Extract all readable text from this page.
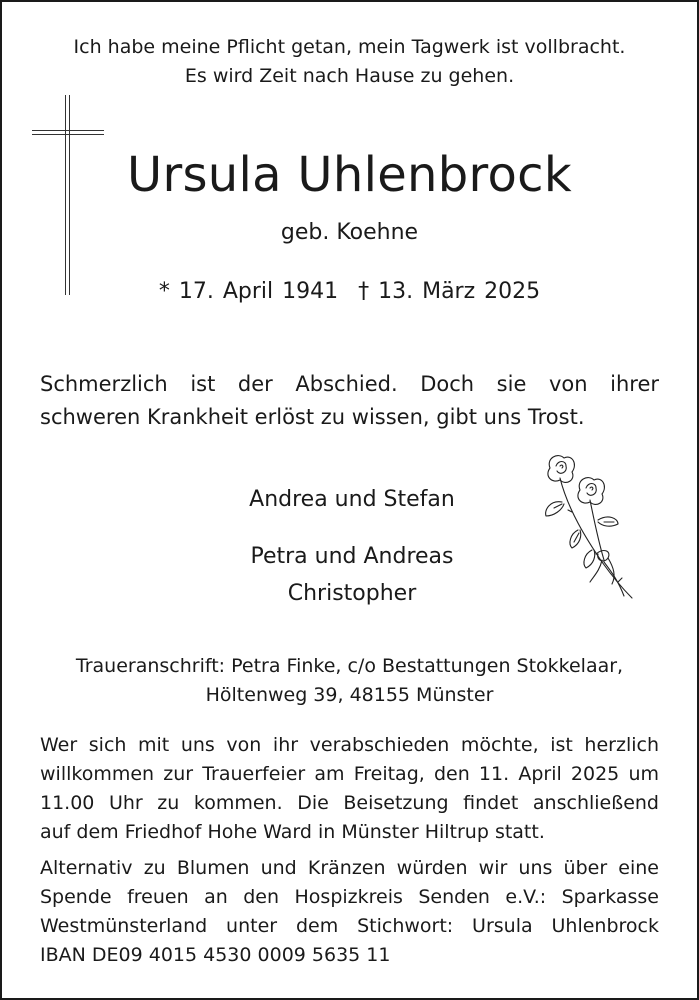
Ich habe meine Pflicht getan, mein Tagwerk ist vollbracht.
Es wird Zeit nach Hause zu gehen.
Ursula Uhlenbrock
geb. Koehne
* 17. April 1941 † 13. März 2025
Schmerzlich ist der Abschied. Doch sie von ihrer
schweren Krankheit erlöst zu wissen, gibt uns Trost.
Andrea und Stefan
Petra und Andreas
Christopher
Traueranschrift: Petra Finke, c/o Bestattungen Stokkelaar,
Höltenweg 39, 48155 Münster
Wer sich mit uns von ihr verabschieden möchte, ist herzlich
willkommen zur Trauerfeier am Freitag, den 11. April 2025 um
11.00 Uhr zu kommen. Die Beisetzung findet anschließend
auf dem Friedhof Hohe Ward in Münster Hiltrup statt.
Alternativ zu Blumen und Kränzen würden wir uns über eine
Spende freuen an den Hospizkreis Senden e.V.: Sparkasse
Westmünsterland unter dem Stichwort: Ursula Uhlenbrock
IBAN DE09 4015 4530 0009 5635 11
